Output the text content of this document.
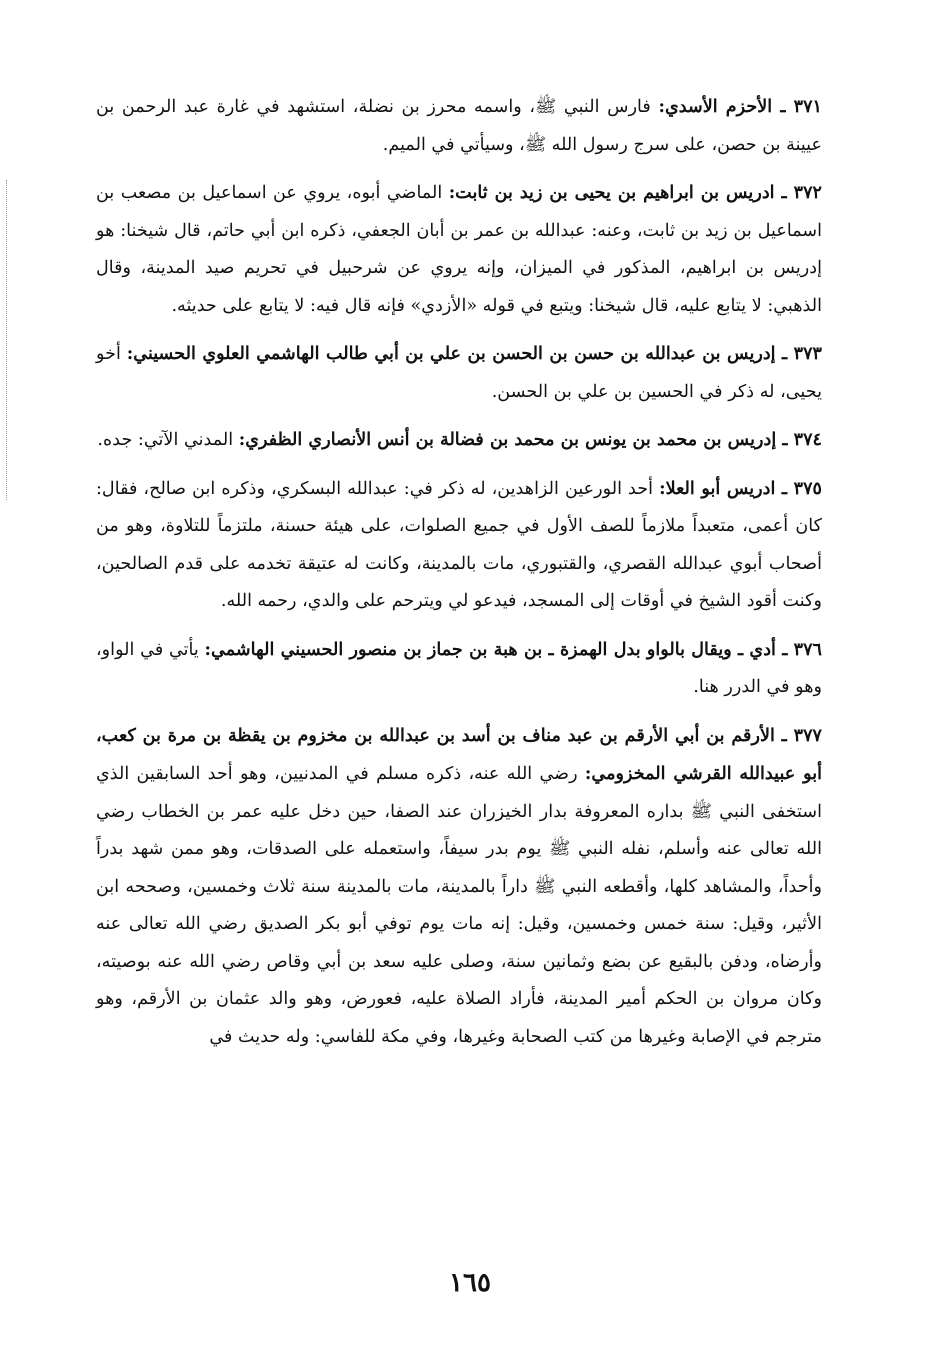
٣٧١ ـ الأحزم الأسدي: فارس النبي ﷺ، واسمه محرز بن نضلة، استشهد في غارة عبد الرحمن بن عيينة بن حصن، على سرج رسول الله ﷺ، وسيأتي في الميم.

٣٧٢ ـ ادريس بن ابراهيم بن يحيى بن زيد بن ثابت: الماضي أبوه، يروي عن اسماعيل بن مصعب بن اسماعيل بن زيد بن ثابت، وعنه: عبدالله بن عمر بن أبان الجعفي، ذكره ابن أبي حاتم، قال شيخنا: هو إدريس بن ابراهيم، المذكور في الميزان، وإنه يروي عن شرحبيل في تحريم صيد المدينة، وقال الذهبي: لا يتابع عليه، قال شيخنا: ويتبع في قوله «الأزدي» فإنه قال فيه: لا يتابع على حديثه.

٣٧٣ ـ إدريس بن عبدالله بن حسن بن الحسن بن علي بن أبي طالب الهاشمي العلوي الحسيني: أخو يحيى، له ذكر في الحسين بن علي بن الحسن.

٣٧٤ ـ إدريس بن محمد بن يونس بن محمد بن فضالة بن أنس الأنصاري الظفري: المدني الآتي: جده.

٣٧٥ ـ ادريس أبو العلا: أحد الورعين الزاهدين، له ذكر في: عبدالله البسكري، وذكره ابن صالح، فقال: كان أعمى، متعبداً ملازماً للصف الأول في جميع الصلوات، على هيئة حسنة، ملتزماً للتلاوة، وهو من أصحاب أبوي عبدالله القصري، والقتبوري، مات بالمدينة، وكانت له عتيقة تخدمه على قدم الصالحين، وكنت أقود الشيخ في أوقات إلى المسجد، فيدعو لي ويترحم على والدي، رحمه الله.

٣٧٦ ـ أدي ـ ويقال بالواو بدل الهمزة ـ بن هبة بن جماز بن منصور الحسيني الهاشمي: يأتي في الواو، وهو في الدرر هنا.

٣٧٧ ـ الأرقم بن أبي الأرقم بن عبد مناف بن أسد بن عبدالله بن مخزوم بن يقظة بن مرة بن كعب، أبو عبيدالله القرشي المخزومي: رضي الله عنه، ذكره مسلم في المدنيين، وهو أحد السابقين الذي استخفى النبي ﷺ بداره المعروفة بدار الخيزران عند الصفا، حين دخل عليه عمر بن الخطاب رضي الله تعالى عنه وأسلم، نفله النبي ﷺ يوم بدر سيفاً، واستعمله على الصدقات، وهو ممن شهد بدراً وأحداً، والمشاهد كلها، وأقطعه النبي ﷺ داراً بالمدينة، مات بالمدينة سنة ثلاث وخمسين، وصححه ابن الأثير، وقيل: سنة خمس وخمسين، وقيل: إنه مات يوم توفي أبو بكر الصديق رضي الله تعالى عنه وأرضاه، ودفن بالبقيع عن بضع وثمانين سنة، وصلى عليه سعد بن أبي وقاص رضي الله عنه بوصيته، وكان مروان بن الحكم أمير المدينة، فأراد الصلاة عليه، فعورض، وهو والد عثمان بن الأرقم، وهو مترجم في الإصابة وغيرها من كتب الصحابة وغيرها، وفي مكة للفاسي: وله حديث في

١٦٥
